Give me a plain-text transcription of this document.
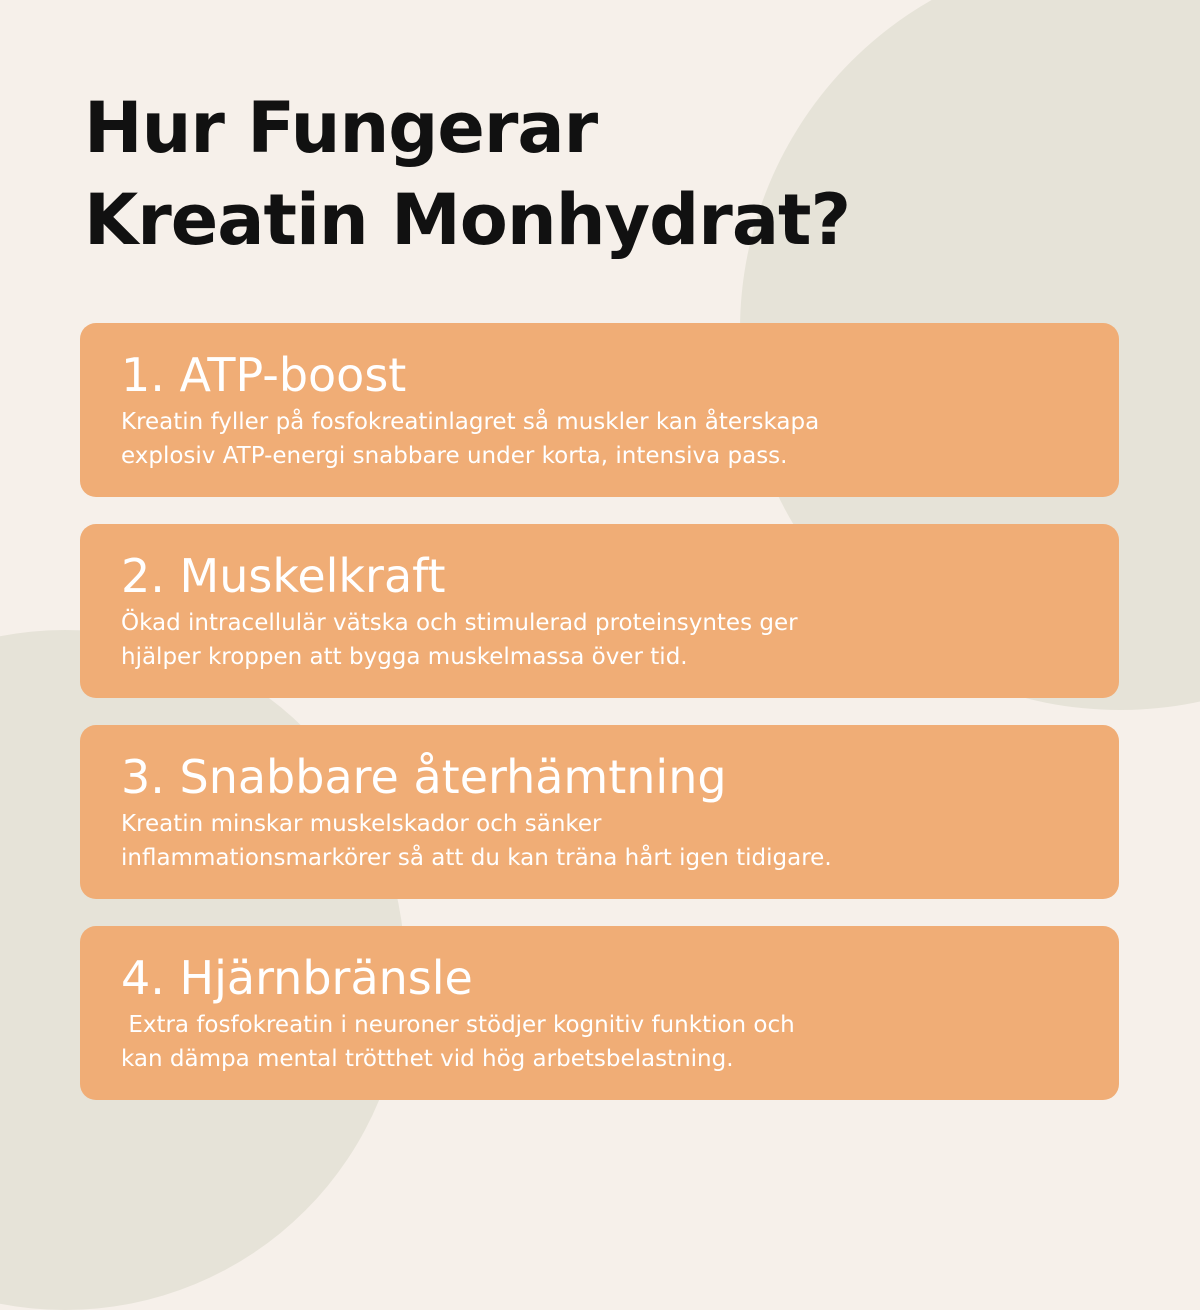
Hur Fungerar
Kreatin Monhydrat?
1. ATP-boost

Kreatin fyller på fosfokreatinlagret så muskler kan återskapa
explosiv ATP-energi snabbare under korta, intensiva pass.

2. Muskelkraft

Ökad intracellulär vätska och stimulerad proteinsyntes ger
hjälper kroppen att bygga muskelmassa över tid.

3. Snabbare återhämtning

Kreatin minskar muskelskador och sänker
inflammationsmarkörer så att du kan träna hårt igen tidigare.

4. Hjärnbränsle

Extra fosfokreatin i neuroner stödjer kognitiv funktion och
kan dämpa mental trötthet vid hög arbetsbelastning.
